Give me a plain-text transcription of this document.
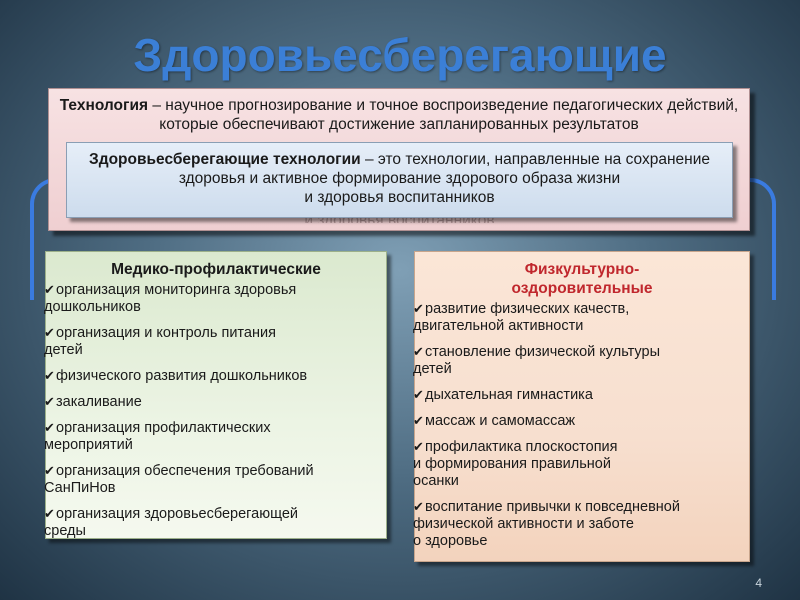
Здоровьесберегающие
Технология – научное прогнозирование и точное воспроизведение педагогических действий, которые обеспечивают достижение запланированных результатов
Здоровьесберегающие технологии – это технологии, направленные на сохранение здоровья и активное формирование здорового образа жизни
и здоровья воспитанников
Медико-профилактические
✔организация мониторинга здоровья
дошкольников
✔организация и контроль питания
детей
✔физического развития дошкольников
✔закаливание
✔организация профилактических
мероприятий
✔организация обеспечения требований
СанПиНов
✔организация здоровьесберегающей
среды
Физкультурно-
оздоровительные
✔развитие физических качеств,
двигательной активности
✔становление физической культуры
детей
✔дыхательная гимнастика
✔массаж и самомассаж
✔профилактика плоскостопия
и формирования правильной
осанки
✔воспитание привычки к повседневной
физической активности и заботе
о здоровье
4
